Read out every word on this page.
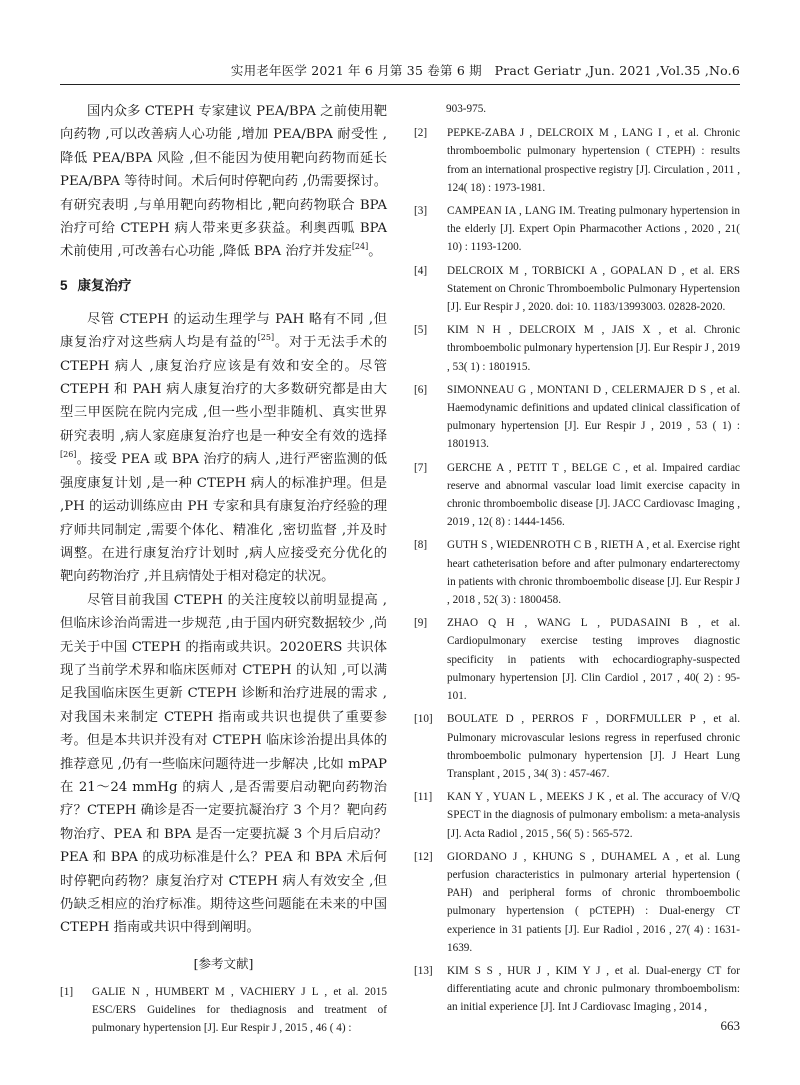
实用老年医学 2021 年 6 月第 35 卷第 6 期　Pract Geriatr ,Jun. 2021 ,Vol.35 ,No.6

国内众多 CTEPH 专家建议 PEA/BPA 之前使用靶向药物 ,可以改善病人心功能 ,增加 PEA/BPA 耐受性 ,降低 PEA/BPA 风险 ,但不能因为使用靶向药物而延长 PEA/BPA 等待时间。术后何时停靶向药 ,仍需要探讨。有研究表明 ,与单用靶向药物相比 ,靶向药物联合 BPA 治疗可给 CTEPH 病人带来更多获益。利奥西呱 BPA 术前使用 ,可改善右心功能 ,降低 BPA 治疗并发症[24]。

5 康复治疗

尽管 CTEPH 的运动生理学与 PAH 略有不同 ,但康复治疗对这些病人均是有益的[25]。对于无法手术的 CTEPH 病人 ,康复治疗应该是有效和安全的。尽管 CTEPH 和 PAH 病人康复治疗的大多数研究都是由大型三甲医院在院内完成 ,但一些小型非随机、真实世界研究表明 ,病人家庭康复治疗也是一种安全有效的选择[26]。接受 PEA 或 BPA 治疗的病人 ,进行严密监测的低强度康复计划 ,是一种 CTEPH 病人的标准护理。但是 ,PH 的运动训练应由 PH 专家和具有康复治疗经验的理疗师共同制定 ,需要个体化、精准化 ,密切监督 ,并及时调整。在进行康复治疗计划时 ,病人应接受充分优化的靶向药物治疗 ,并且病情处于相对稳定的状况。

尽管目前我国 CTEPH 的关注度较以前明显提高 ,但临床诊治尚需进一步规范 ,由于国内研究数据较少 ,尚无关于中国 CTEPH 的指南或共识。2020ERS 共识体现了当前学术界和临床医师对 CTEPH 的认知 ,可以满足我国临床医生更新 CTEPH 诊断和治疗进展的需求 ,对我国未来制定 CTEPH 指南或共识也提供了重要参考。但是本共识并没有对 CTEPH 临床诊治提出具体的推荐意见 ,仍有一些临床问题待进一步解决 ,比如 mPAP 在 21～24 mmHg 的病人 ,是否需要启动靶向药物治疗？CTEPH 确诊是否一定要抗凝治疗 3 个月？靶向药物治疗、PEA 和 BPA 是否一定要抗凝 3 个月后启动？PEA 和 BPA 的成功标准是什么？PEA 和 BPA 术后何时停靶向药物？康复治疗对 CTEPH 病人有效安全 ,但仍缺乏相应的治疗标准。期待这些问题能在未来的中国 CTEPH 指南或共识中得到阐明。

[参考文献]
[1]	GALIE N , HUMBERT M , VACHIERY J L , et al. 2015 ESC/ERS Guidelines for thediagnosis and treatment of pulmonary hypertension [J]. Eur Respir J , 2015 , 46 ( 4) :
903-975.
[2]	PEPKE-ZABA J , DELCROIX M , LANG I , et al. Chronic thromboembolic pulmonary hypertension ( CTEPH) : results from an international prospective registry [J]. Circulation , 2011 , 124( 18) : 1973-1981.
[3]	CAMPEAN IA , LANG IM. Treating pulmonary hypertension in the elderly [J]. Expert Opin Pharmacother Actions , 2020 , 21( 10) : 1193-1200.
[4]	DELCROIX M , TORBICKI A , GOPALAN D , et al. ERS Statement on Chronic Thromboembolic Pulmonary Hypertension [J]. Eur Respir J , 2020. doi: 10. 1183/13993003. 02828-2020.
[5]	KIM N H , DELCROIX M , JAIS X , et al. Chronic thromboembolic pulmonary hypertension [J]. Eur Respir J , 2019 , 53( 1) : 1801915.
[6]	SIMONNEAU G , MONTANI D , CELERMAJER D S , et al. Haemodynamic definitions and updated clinical classification of pulmonary hypertension [J]. Eur Respir J , 2019 , 53 ( 1) : 1801913.
[7]	GERCHE A , PETIT T , BELGE C , et al. Impaired cardiac reserve and abnormal vascular load limit exercise capacity in chronic thromboembolic disease [J]. JACC Cardiovasc Imaging , 2019 , 12( 8) : 1444-1456.
[8]	GUTH S , WIEDENROTH C B , RIETH A , et al. Exercise right heart catheterisation before and after pulmonary endarterectomy in patients with chronic thromboembolic disease [J]. Eur Respir J , 2018 , 52( 3) : 1800458.
[9]	ZHAO Q H , WANG L , PUDASAINI B , et al. Cardiopulmonary exercise testing improves diagnostic specificity in patients with echocardiography-suspected pulmonary hypertension [J]. Clin Cardiol , 2017 , 40( 2) : 95-101.
[10]	BOULATE D , PERROS F , DORFMULLER P , et al. Pulmonary microvascular lesions regress in reperfused chronic thromboembolic pulmonary hypertension [J]. J Heart Lung Transplant , 2015 , 34( 3) : 457-467.
[11]	KAN Y , YUAN L , MEEKS J K , et al. The accuracy of V/Q SPECT in the diagnosis of pulmonary embolism: a meta-analysis [J]. Acta Radiol , 2015 , 56( 5) : 565-572.
[12]	GIORDANO J , KHUNG S , DUHAMEL A , et al. Lung perfusion characteristics in pulmonary arterial hypertension ( PAH) and peripheral forms of chronic thromboembolic pulmonary hypertension ( pCTEPH) : Dual-energy CT experience in 31 patients [J]. Eur Radiol , 2016 , 27( 4) : 1631-1639.
[13]	KIM S S , HUR J , KIM Y J , et al. Dual-energy CT for differentiating acute and chronic pulmonary thromboembolism: an initial experience [J]. Int J Cardiovasc Imaging , 2014 ,
663
